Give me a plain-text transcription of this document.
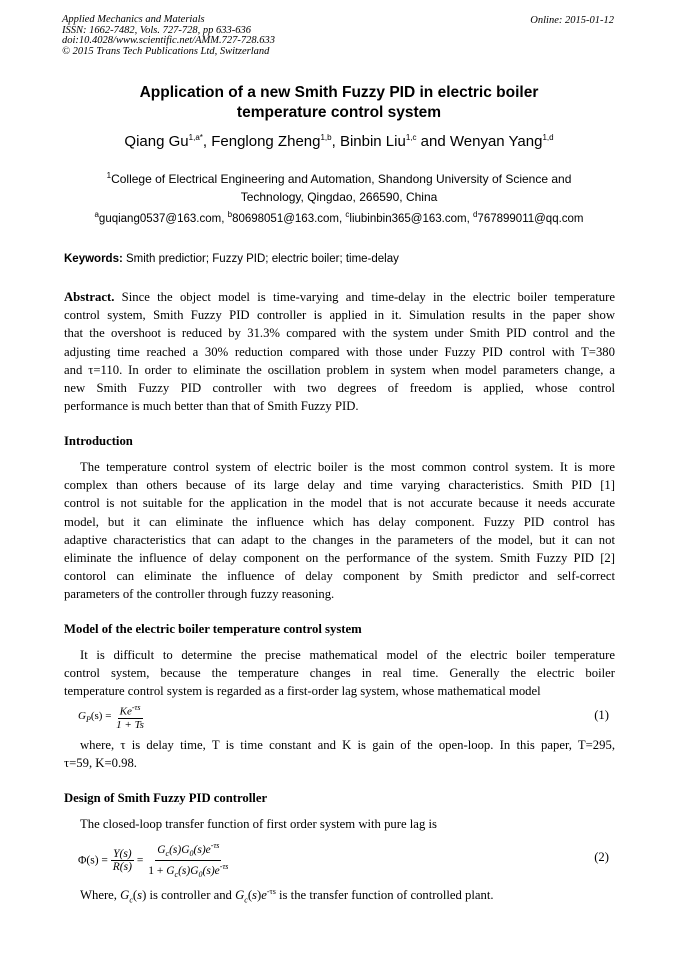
Applied Mechanics and Materials
ISSN: 1662-7482, Vols. 727-728, pp 633-636
doi:10.4028/www.scientific.net/AMM.727-728.633
© 2015 Trans Tech Publications Ltd, Switzerland
Online: 2015-01-12
Application of a new Smith Fuzzy PID in electric boiler
temperature control system
Qiang $Gu^{1,a*}$, Fenglong Zheng$^{1,b}$, Binbin Liu$^{1,c}$ and Wenyan Yang$^{1,d}$
$^1$College of Electrical Engineering and Automation, Shandong University of Science and
Technology, Qingdao, 266590, China
$^a$guqiang0537@163.com, $^b$80698051@163.com, $^c$liubinbin365@163.com, $^d$767899011@qq.com
Keywords: Smith predictior; Fuzzy PID; electric boiler; time-delay
Abstract. Since the object model is time-varying and time-delay in the electric boiler temperature
control system, Smith Fuzzy PID controller is applied in it. Simulation results in the paper show
that the overshoot is reduced by 31.3% compared with the system under Smith PID control and the
adjusting time reached a 30% reduction compared with those under Fuzzy PID control with T=380
and τ=110. In order to eliminate the oscillation problem in system when model parameters change, a
new Smith Fuzzy PID controller with two degrees of freedom is applied, whose control
performance is much better than that of Smith Fuzzy PID.
Introduction
The temperature control system of electric boiler is the most common control system. It is more
complex than others because of its large delay and time varying characteristics. Smith PID [1]
control is not suitable for the application in the model that is not accurate because it needs accurate
model, but it can eliminate the influence which has delay component. Fuzzy PID control has
adaptive characteristics that can adapt to the changes in the parameters of the model, but it can not
eliminate the influence of delay component on the performance of the system. Smith Fuzzy PID [2]
contorol can eliminate the influence of delay component by Smith predictor and self-correct
parameters of the controller through fuzzy reasoning.
Model of the electric boiler temperature control system
It is difficult to determine the precise mathematical model of the electric boiler temperature
control system, because the temperature changes in real time. Generally the electric boiler
temperature control system is regarded as a first-order lag system, whose mathematical model
$G_P(s) = \frac{Ke^{-\tau s}}{1 + Ts}$	(1)
where, τ is delay time, T is time constant and K is gain of the open-loop. In this paper, T=295,
τ=59, K=0.98.
Design of Smith Fuzzy PID controller
The closed-loop transfer function of first order system with pure lag is
$\Phi(s) = \frac{Y(s)}{R(s)} = \frac{G_c(s)G_0(s)e^{-\tau s}}{1 + G_c(s)G_0(s)e^{-\tau s}}$	(2)
Where, $G_c(s)$ is controller and $G_c(s)e^{-\tau s}$ is the transfer function of controlled plant.
